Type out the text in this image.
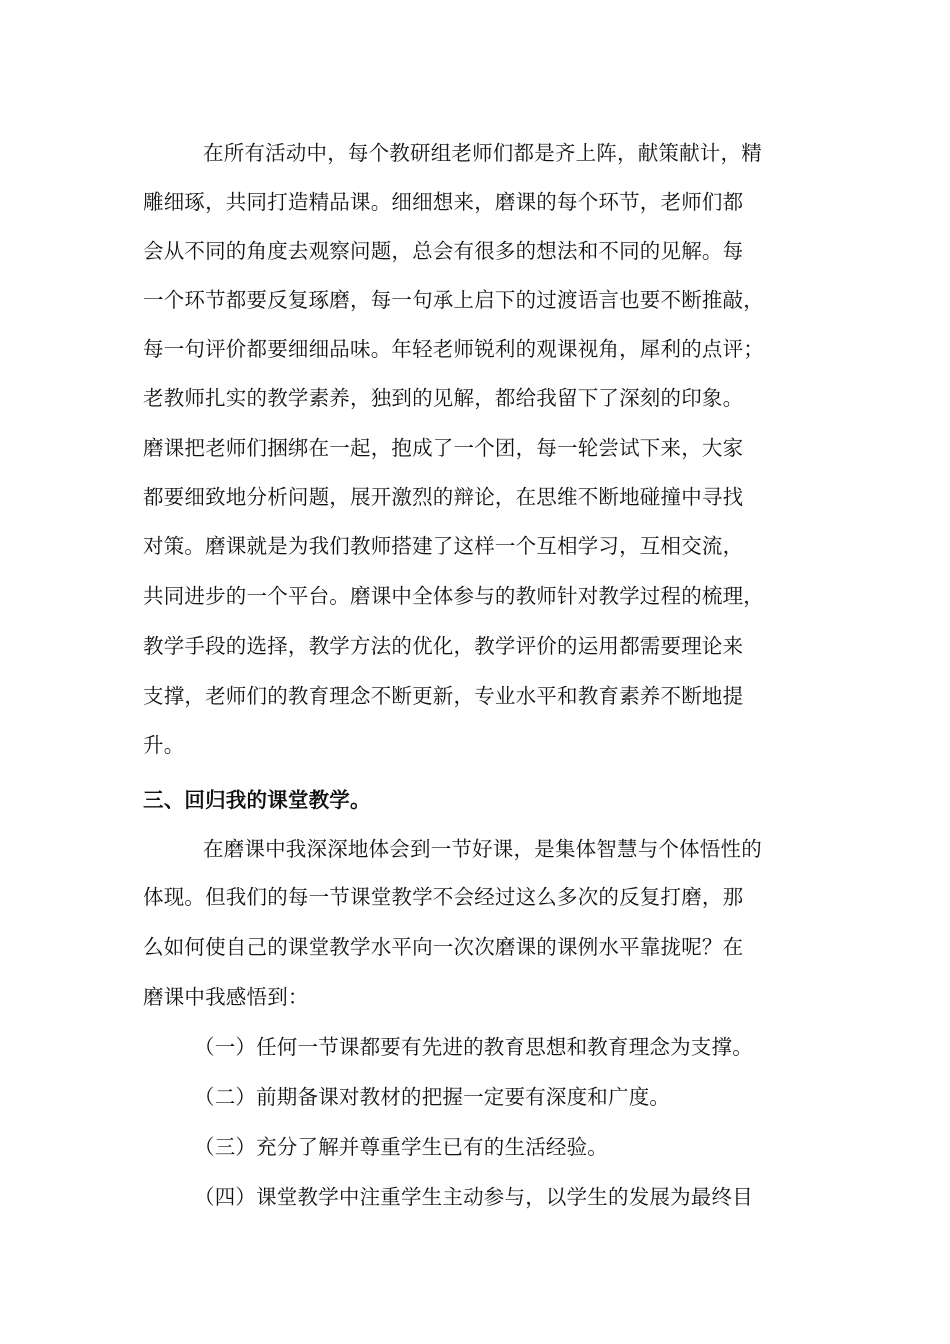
在所有活动中，每个教研组老师们都是齐上阵，献策献计，精
雕细琢，共同打造精品课。细细想来，磨课的每个环节，老师们都
会从不同的角度去观察问题，总会有很多的想法和不同的见解。每
一个环节都要反复琢磨，每一句承上启下的过渡语言也要不断推敲，
每一句评价都要细细品味。年轻老师锐利的观课视角，犀利的点评；
老教师扎实的教学素养，独到的见解，都给我留下了深刻的印象。
磨课把老师们捆绑在一起，抱成了一个团，每一轮尝试下来，大家
都要细致地分析问题，展开激烈的辩论，在思维不断地碰撞中寻找
对策。磨课就是为我们教师搭建了这样一个互相学习，互相交流，
共同进步的一个平台。磨课中全体参与的教师针对教学过程的梳理，
教学手段的选择，教学方法的优化，教学评价的运用都需要理论来
支撑，老师们的教育理念不断更新，专业水平和教育素养不断地提
升。
三、回归我的课堂教学。
在磨课中我深深地体会到一节好课，是集体智慧与个体悟性的
体现。但我们的每一节课堂教学不会经过这么多次的反复打磨，那
么如何使自己的课堂教学水平向一次次磨课的课例水平靠拢呢？在
磨课中我感悟到：
（一）任何一节课都要有先进的教育思想和教育理念为支撑。
（二）前期备课对教材的把握一定要有深度和广度。
（三）充分了解并尊重学生已有的生活经验。
（四）课堂教学中注重学生主动参与，以学生的发展为最终目
